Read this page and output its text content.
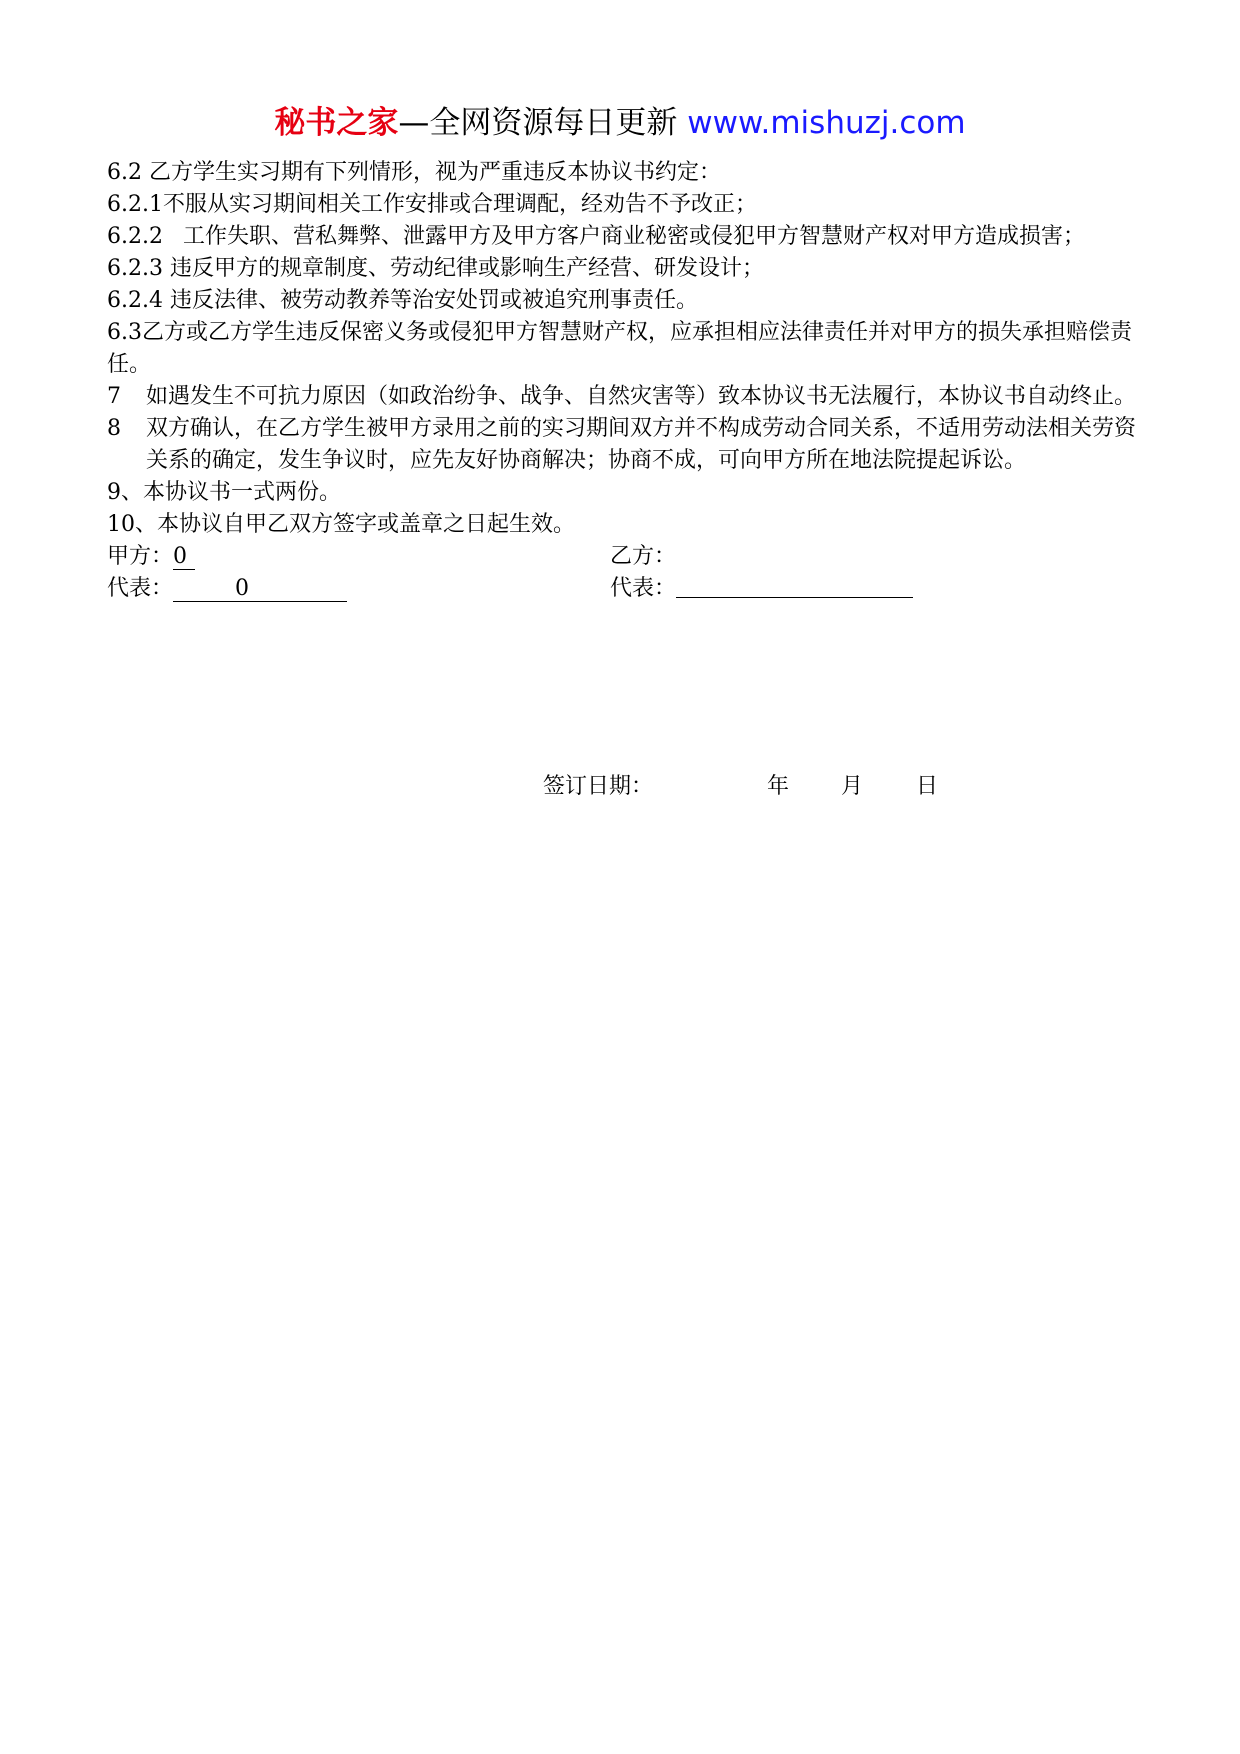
秘书之家—全网资源每日更新 www.mishuzj.com

6.2 乙方学生实习期有下列情形，视为严重违反本协议书约定：

6.2.1不服从实习期间相关工作安排或合理调配，经劝告不予改正；

6.2.2 工作失职、营私舞弊、泄露甲方及甲方客户商业秘密或侵犯甲方智慧财产权对甲方造成损害；

6.2.3 违反甲方的规章制度、劳动纪律或影响生产经营、研发设计；

6.2.4 违反法律、被劳动教养等治安处罚或被追究刑事责任。

6.3乙方或乙方学生违反保密义务或侵犯甲方智慧财产权，应承担相应法律责任并对甲方的损失承担赔偿责任。

7 如遇发生不可抗力原因（如政治纷争、战争、自然灾害等）致本协议书无法履行，本协议书自动终止。

8 双方确认，在乙方学生被甲方录用之前的实习期间双方并不构成劳动合同关系，不适用劳动法相关劳资关系的确定，发生争议时，应先友好协商解决；协商不成，可向甲方所在地法院提起诉讼。

9、本协议书一式两份。

10、本协议自甲乙双方签字或盖章之日起生效。

甲方：0	乙方：
代表：	0	代表：
签订日期：	年 月 日
